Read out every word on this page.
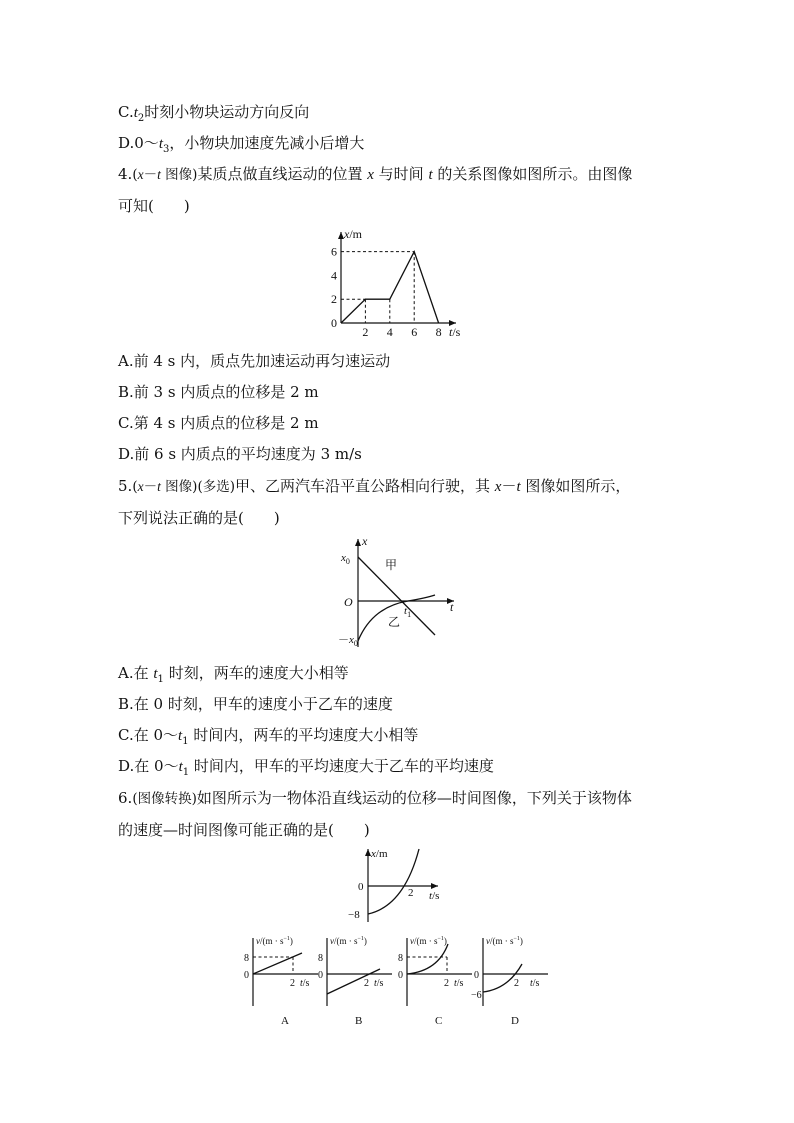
$C.t_2$时刻小物块运动方向反向
$D.0\sim t_3$，小物块加速度先减小后增大
4.(x－t 图像)某质点做直线运动的位置 x 与时间 t 的关系图像如图所示。由图像
可知(　　)
x/m
t/s
0
2
4
6
2 4 6 8
A.前 4 s 内，质点先加速运动再匀速运动
B.前 3 s 内质点的位移是 2 m
C.第 4 s 内质点的位移是 2 m
D.前 6 s 内质点的平均速度为 3 m/s
5.(x－t 图像)(多选)甲、乙两汽车沿平直公路相向行驶，其 x－t 图像如图所示，
下列说法正确的是(　　)
x
t
O
$x_0$
$-x_0$
$t_1$
甲
乙
A.在 $t_1$ 时刻，两车的速度大小相等
B.在 0 时刻，甲车的速度小于乙车的速度
C.在 $0\sim t_1$ 时间内，两车的平均速度大小相等
D.在 $0\sim t_1$ 时间内，甲车的平均速度大于乙车的平均速度
6.(图像转换)如图所示为一物体沿直线运动的位移—时间图像，下列关于该物体
的速度—时间图像可能正确的是(　　)
x/m
t/s
0
−8
2
$v/(m \cdot s^{-1})$
8
0
2 t/s
A
$v/(m \cdot s^{-1})$
8
0
2 t/s
B
$v/(m \cdot s^{-1})$
8
0
2 t/s
C
$v/(m \cdot s^{-1})$
0
−6
2 t/s
D
